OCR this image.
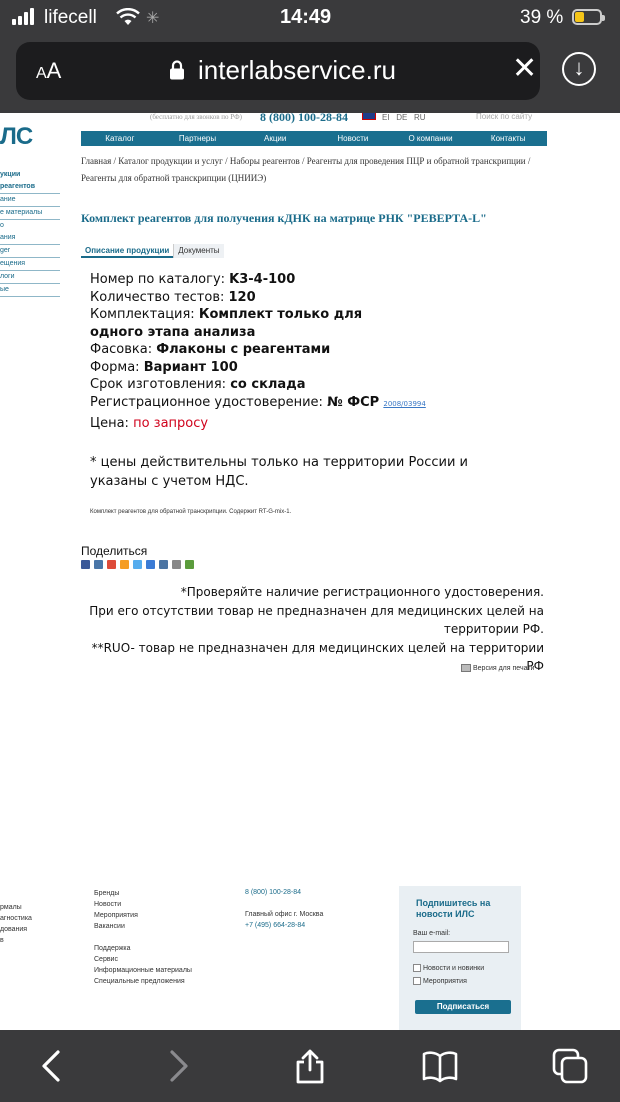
lifecell	✳	14:49	39 %
AA	interlabservice.ru	✕	↓
(бесплатно для звонков по РФ) 8 (800) 100-28-84	EI   DE   RU	Поиск по сайту
ЛС
укции
реагентов
ание
е материалы
о
ания
ger
ещения
логи
ые
Каталог	Партнеры	Акции	Новости	О компании	Контакты
Главная / Каталог продукции и услуг / Наборы реагентов / Реагенты для проведения ПЦР и обратной транскрипции / Реагенты для обратной транскрипции (ЦНИИЭ)
Комплект реагентов для получения кДНК на матрице РНК "РЕВЕРТА-L"
Описание продукции	Документы
Номер по каталогу: K3-4-100
Количество тестов: 120
Комплектация: Комплект только для одного этапа анализа
Фасовка: Флаконы с реагентами
Форма: Вариант 100
Срок изготовления: со склада
Регистрационное удостоверение: № ФСР 2008/03994
Цена: по запросу
* цены действительны только на территории России и указаны с учетом НДС.
Комплект реагентов для обратной транскрипции. Содержит RT-G-mix-1.
Поделиться
*Проверяйте наличие регистрационного удостоверения.
При его отсутствии товар не предназначен для медицинских целей на территории РФ.
**RUO- товар не предназначен для медицинских целей на территории РФ
Версия для печати
рмалы
агностика
дования
в
Бренды
Новости
Мероприятия
Вакансии

Поддержка
Сервис
Информационные материалы
Специальные предложения
8 (800) 100-28-84

Главный офис г. Москва
+7 (495) 664-28-84
Подпишитесь на новости ИЛС
Ваш e-mail:
Новости и новинки
Мероприятия
Подписаться
